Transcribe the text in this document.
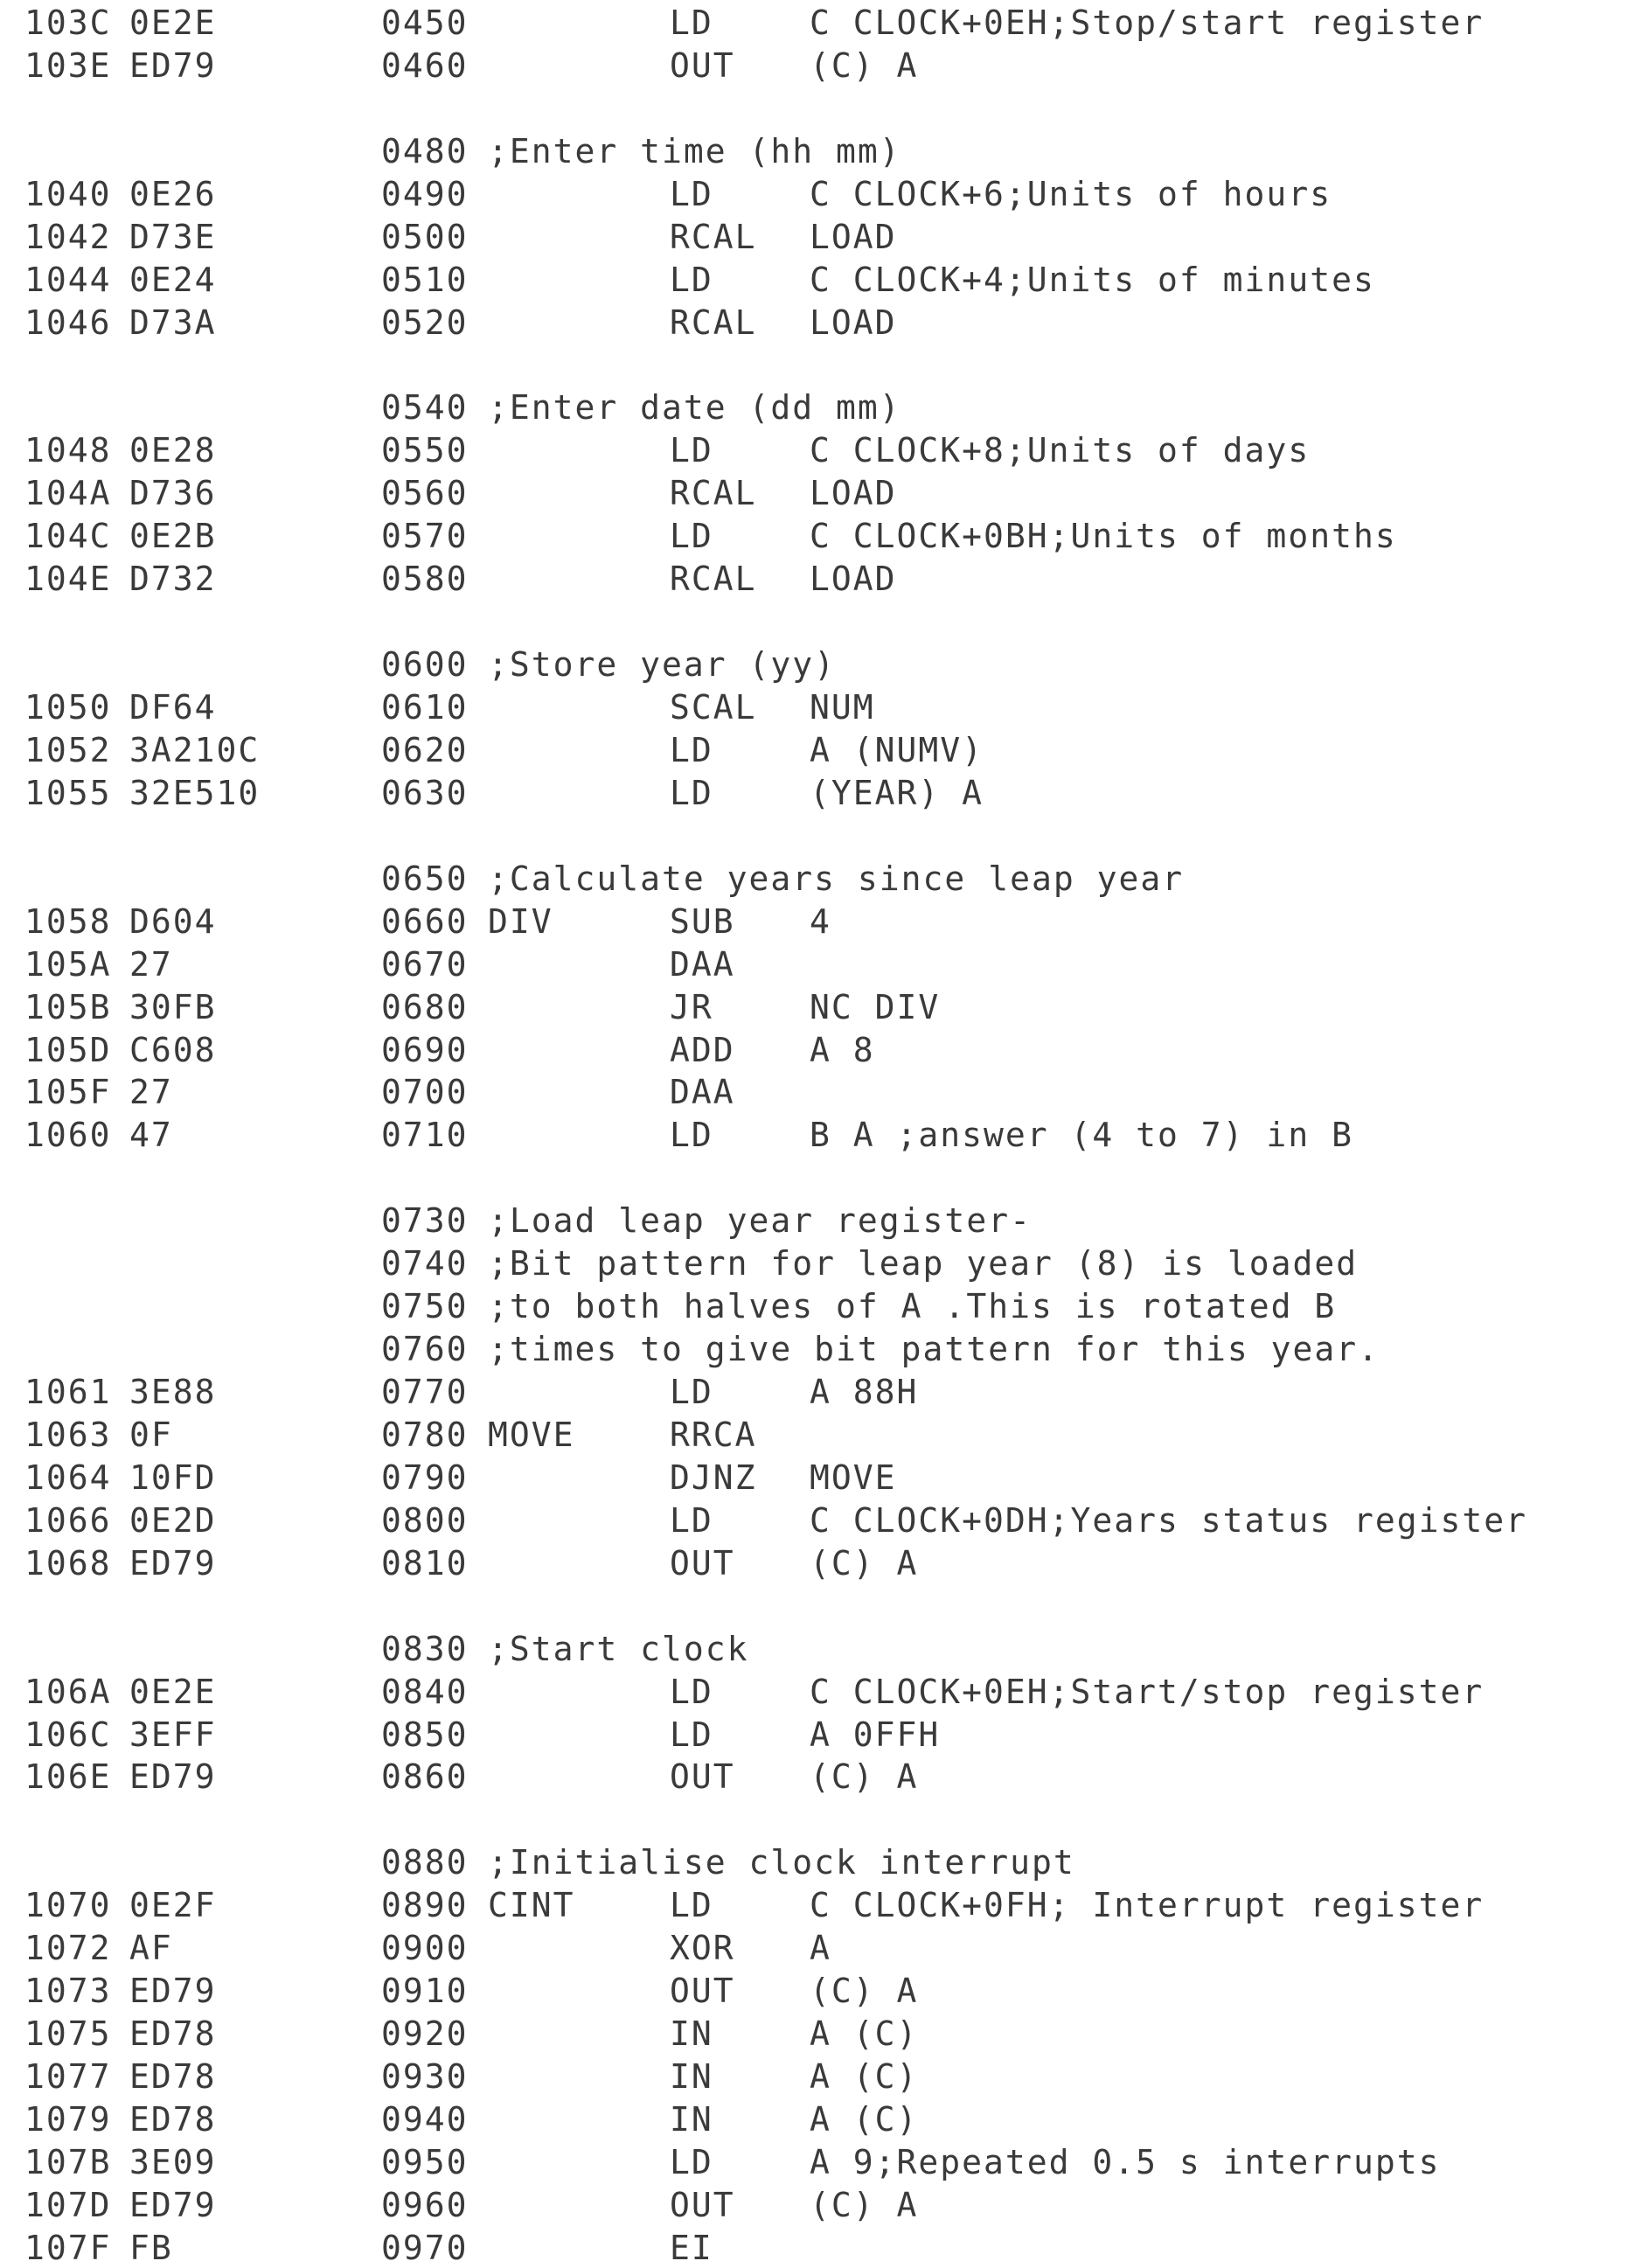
103C 0E2E	0450	LD	C CLOCK+0EH;Stop/start register
103E ED79	0460	OUT (C) A
0480 ;Enter time (hh mm)
1040 0E26	0490	LD	C CLOCK+6;Units of hours
1042 D73E	0500	RCAL LOAD
1044 0E24	0510	LD	C CLOCK+4;Units of minutes
1046 D73A	0520	RCAL LOAD
0540 ;Enter date (dd mm)
1048 0E28	0550	LD	C CLOCK+8;Units of days
104A D736	0560	RCAL LOAD
104C 0E2B	0570	LD	C CLOCK+0BH;Units of months
104E D732	0580	RCAL LOAD
0600 ;Store year (yy)
1050 DF64	0610	SCAL NUM
1052 3A210C	0620	LD	A (NUMV)
1055 32E510	0630	LD	(YEAR) A
0650 ;Calculate years since leap year
1058 D604	0660 DIV	SUB 4
105A 27	0670	DAA
105B 30FB	0680	JR	NC DIV
105D C608	0690	ADD A 8
105F 27	0700	DAA
1060 47	0710	LD	B A ;answer (4 to 7) in B
0730 ;Load leap year register-
0740 ;Bit pattern for leap year (8) is loaded
0750 ;to both halves of A .This is rotated B
0760 ;times to give bit pattern for this year.
1061 3E88	0770	LD	A 88H
1063 0F	0780 MOVE	RRCA
1064 10FD	0790	DJNZ MOVE
1066 0E2D	0800	LD	C CLOCK+0DH;Years status register
1068 ED79	0810	OUT (C) A
0830 ;Start clock
106A 0E2E	0840	LD	C CLOCK+0EH;Start/stop register
106C 3EFF	0850	LD	A 0FFH
106E ED79	0860	OUT (C) A
0880 ;Initialise clock interrupt
1070 0E2F	0890 CINT	LD	C CLOCK+0FH; Interrupt register
1072 AF	0900	XOR A
1073 ED79	0910	OUT (C) A
1075 ED78	0920	IN	A (C)
1077 ED78	0930	IN	A (C)
1079 ED78	0940	IN	A (C)
107B 3E09	0950	LD	A 9;Repeated 0.5 s interrupts
107D ED79	0960	OUT (C) A
107F FB	0970	EI
